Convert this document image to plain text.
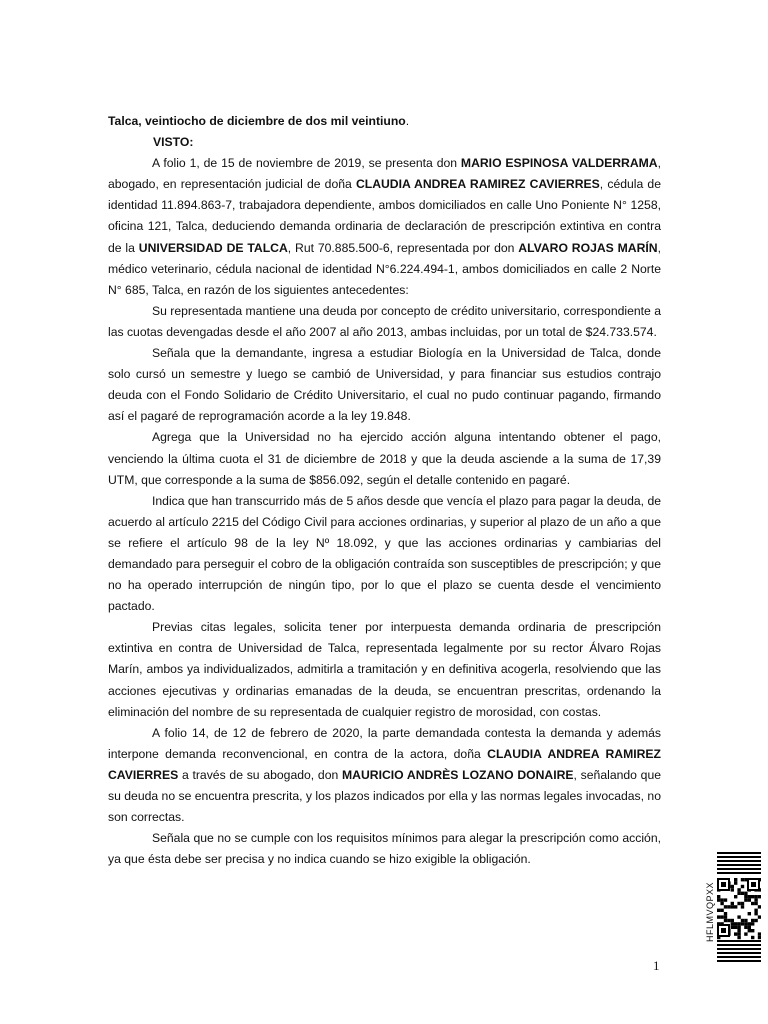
Talca, veintiocho de diciembre de dos mil veintiuno.

VISTO:

A folio 1, de 15 de noviembre de 2019, se presenta don MARIO ESPINOSA VALDERRAMA, abogado, en representación judicial de doña CLAUDIA ANDREA RAMIREZ CAVIERRES, cédula de identidad 11.894.863-7, trabajadora dependiente, ambos domiciliados en calle Uno Poniente N° 1258, oficina 121, Talca, deduciendo demanda ordinaria de declaración de prescripción extintiva en contra de la UNIVERSIDAD DE TALCA, Rut 70.885.500-6, representada por don ALVARO ROJAS MARÍN, médico veterinario, cédula nacional de identidad N°6.224.494-1, ambos domiciliados en calle 2 Norte N° 685, Talca, en razón de los siguientes antecedentes:

Su representada mantiene una deuda por concepto de crédito universitario, correspondiente a las cuotas devengadas desde el año 2007 al año 2013, ambas incluidas, por un total de $24.733.574.

Señala que la demandante, ingresa a estudiar Biología en la Universidad de Talca, donde solo cursó un semestre y luego se cambió de Universidad, y para financiar sus estudios contrajo deuda con el Fondo Solidario de Crédito Universitario, el cual no pudo continuar pagando, firmando así el pagaré de reprogramación acorde a la ley 19.848.

Agrega que la Universidad no ha ejercido acción alguna intentando obtener el pago, venciendo la última cuota el 31 de diciembre de 2018 y que la deuda asciende a la suma de 17,39 UTM, que corresponde a la suma de $856.092, según el detalle contenido en pagaré.

Indica que han transcurrido más de 5 años desde que vencía el plazo para pagar la deuda, de acuerdo al artículo 2215 del Código Civil para acciones ordinarias, y superior al plazo de un año a que se refiere el artículo 98 de la ley Nº 18.092, y que las acciones ordinarias y cambiarias del demandado para perseguir el cobro de la obligación contraída son susceptibles de prescripción; y que no ha operado interrupción de ningún tipo, por lo que el plazo se cuenta desde el vencimiento pactado.

Previas citas legales, solicita tener por interpuesta demanda ordinaria de prescripción extintiva en contra de Universidad de Talca, representada legalmente por su rector Álvaro Rojas Marín, ambos ya individualizados, admitirla a tramitación y en definitiva acogerla, resolviendo que las acciones ejecutivas y ordinarias emanadas de la deuda, se encuentran prescritas, ordenando la eliminación del nombre de su representada de cualquier registro de morosidad, con costas.

A folio 14, de 12 de febrero de 2020, la parte demandada contesta la demanda y además interpone demanda reconvencional, en contra de la actora, doña CLAUDIA ANDREA RAMIREZ CAVIERRES a través de su abogado, don MAURICIO ANDRÈS LOZANO DONAIRE, señalando que su deuda no se encuentra prescrita, y los plazos indicados por ella y las normas legales invocadas, no son correctas.

Señala que no se cumple con los requisitos mínimos para alegar la prescripción como acción, ya que ésta debe ser precisa y no indica cuando se hizo exigible la obligación.

1
HFLMVQPXX
